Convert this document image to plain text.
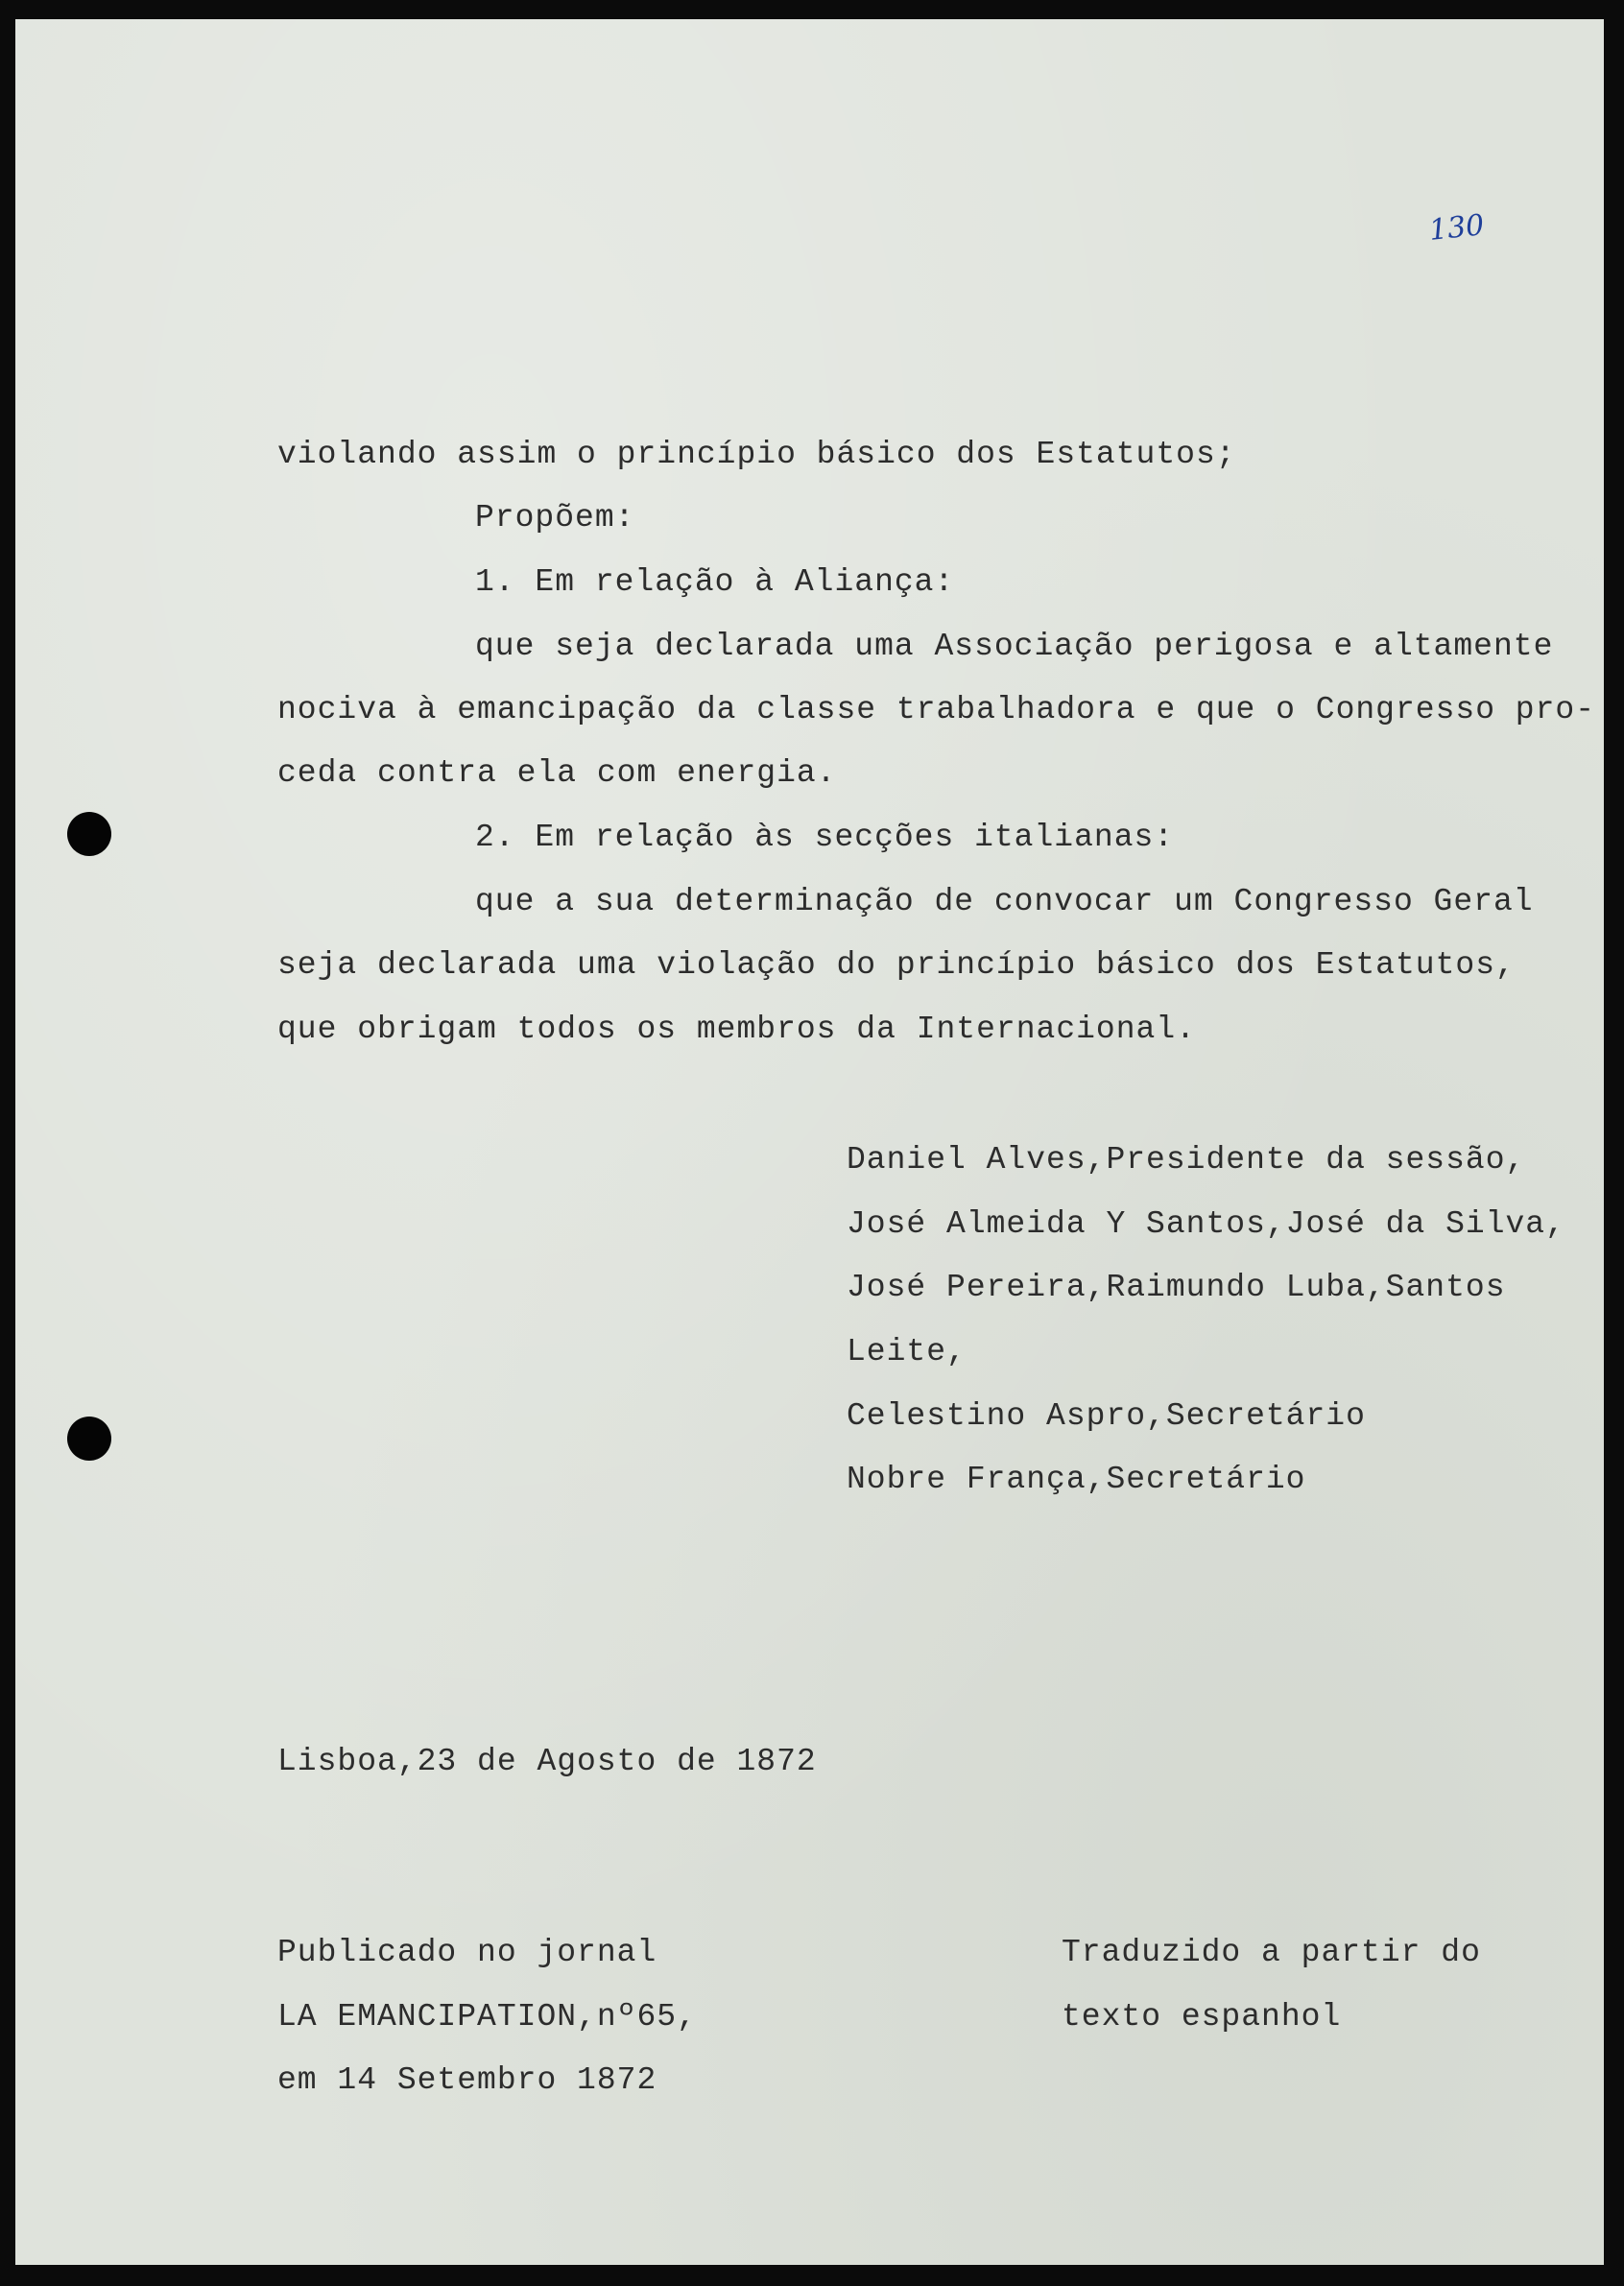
130
violando assim o princípio básico dos Estatutos;
Propõem:
1. Em relação à Aliança:
que seja declarada uma Associação perigosa e altamente
nociva à emancipação da classe trabalhadora e que o Congresso pro-
ceda contra ela com energia.
2. Em relação às secções italianas:
que a sua determinação de convocar um Congresso Geral
seja declarada uma violação do princípio básico dos Estatutos,
que obrigam todos os membros da Internacional.
Daniel Alves,Presidente da sessão,
José Almeida Y Santos,José da Silva,
José Pereira,Raimundo Luba,Santos
Leite,
Celestino Aspro,Secretário
Nobre França,Secretário
Lisboa,23 de Agosto de 1872
Publicado no jornal
LA EMANCIPATION,nº65,
em 14 Setembro 1872
Traduzido a partir do
texto espanhol
